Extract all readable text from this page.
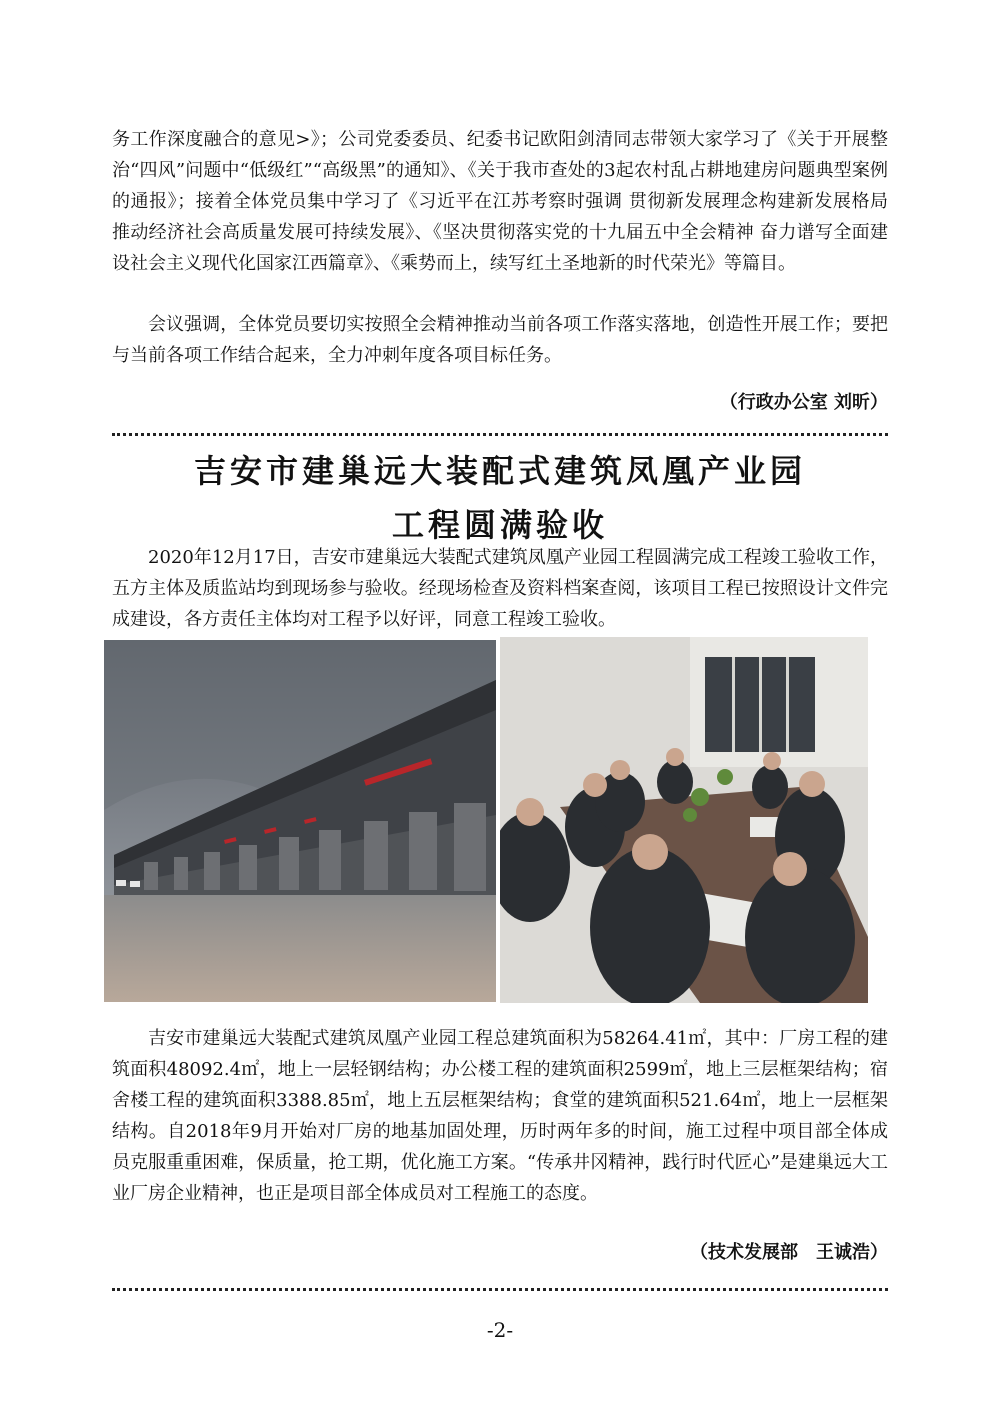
务工作深度融合的意见>》；公司党委委员、纪委书记欧阳剑清同志带领大家学习了《关于开展整治“四风”问题中“低级红”“高级黑”的通知》、《关于我市查处的3起农村乱占耕地建房问题典型案例的通报》；接着全体党员集中学习了《习近平在江苏考察时强调 贯彻新发展理念构建新发展格局 推动经济社会高质量发展可持续发展》、《坚决贯彻落实党的十九届五中全会精神 奋力谱写全面建设社会主义现代化国家江西篇章》、《乘势而上，续写红土圣地新的时代荣光》等篇目。

会议强调，全体党员要切实按照全会精神推动当前各项工作落实落地，创造性开展工作；要把与当前各项工作结合起来，全力冲刺年度各项目标任务。

（行政办公室 刘昕）

吉安市建巢远大装配式建筑凤凰产业园
工程圆满验收

2020年12月17日，吉安市建巢远大装配式建筑凤凰产业园工程圆满完成工程竣工验收工作，五方主体及质监站均到现场参与验收。经现场检查及资料档案查阅，该项目工程已按照设计文件完成建设，各方责任主体均对工程予以好评，同意工程竣工验收。

吉安市建巢远大装配式建筑凤凰产业园工程总建筑面积为58264.41㎡，其中：厂房工程的建筑面积48092.4㎡，地上一层轻钢结构；办公楼工程的建筑面积2599㎡，地上三层框架结构；宿舍楼工程的建筑面积3388.85㎡，地上五层框架结构；食堂的建筑面积521.64㎡，地上一层框架结构。自2018年9月开始对厂房的地基加固处理，历时两年多的时间，施工过程中项目部全体成员克服重重困难，保质量，抢工期，优化施工方案。“传承井冈精神，践行时代匠心”是建巢远大工业厂房企业精神，也正是项目部全体成员对工程施工的态度。

（技术发展部　王诚浩）

-2-
